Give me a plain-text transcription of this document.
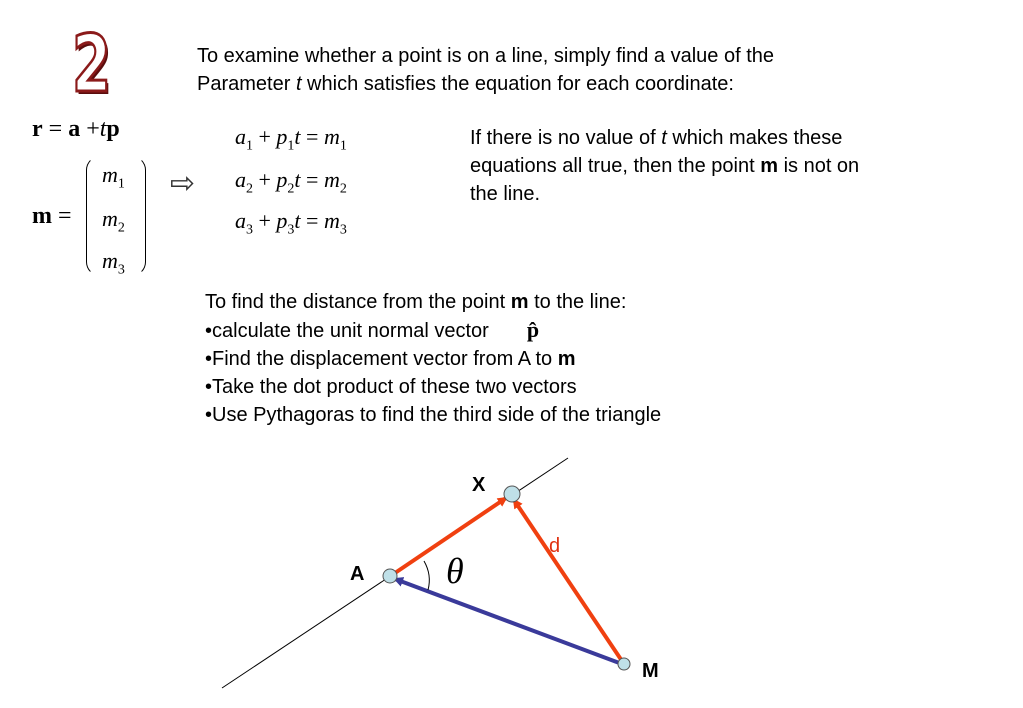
2	To examine whether a point is on a line, simply find a value of the
Parameter t which satisfies the equation for each coordinate:
r = a +tp
m =
$m_1$
$m_2$
$m_3$
⇨
$a_1 + p_1t = m_1$
$a_2 + p_2t = m_2$
$a_3 + p_3t = m_3$
If there is no value of t which makes these equations all true, then the point m is not on the line.
To find the distance from the point m to the line:
•calculate the unit normal vector p̂
•Find the displacement vector from A to m
•Take the dot product of these two vectors
•Use Pythagoras to find the third side of the triangle
X
A
M
d
θ
